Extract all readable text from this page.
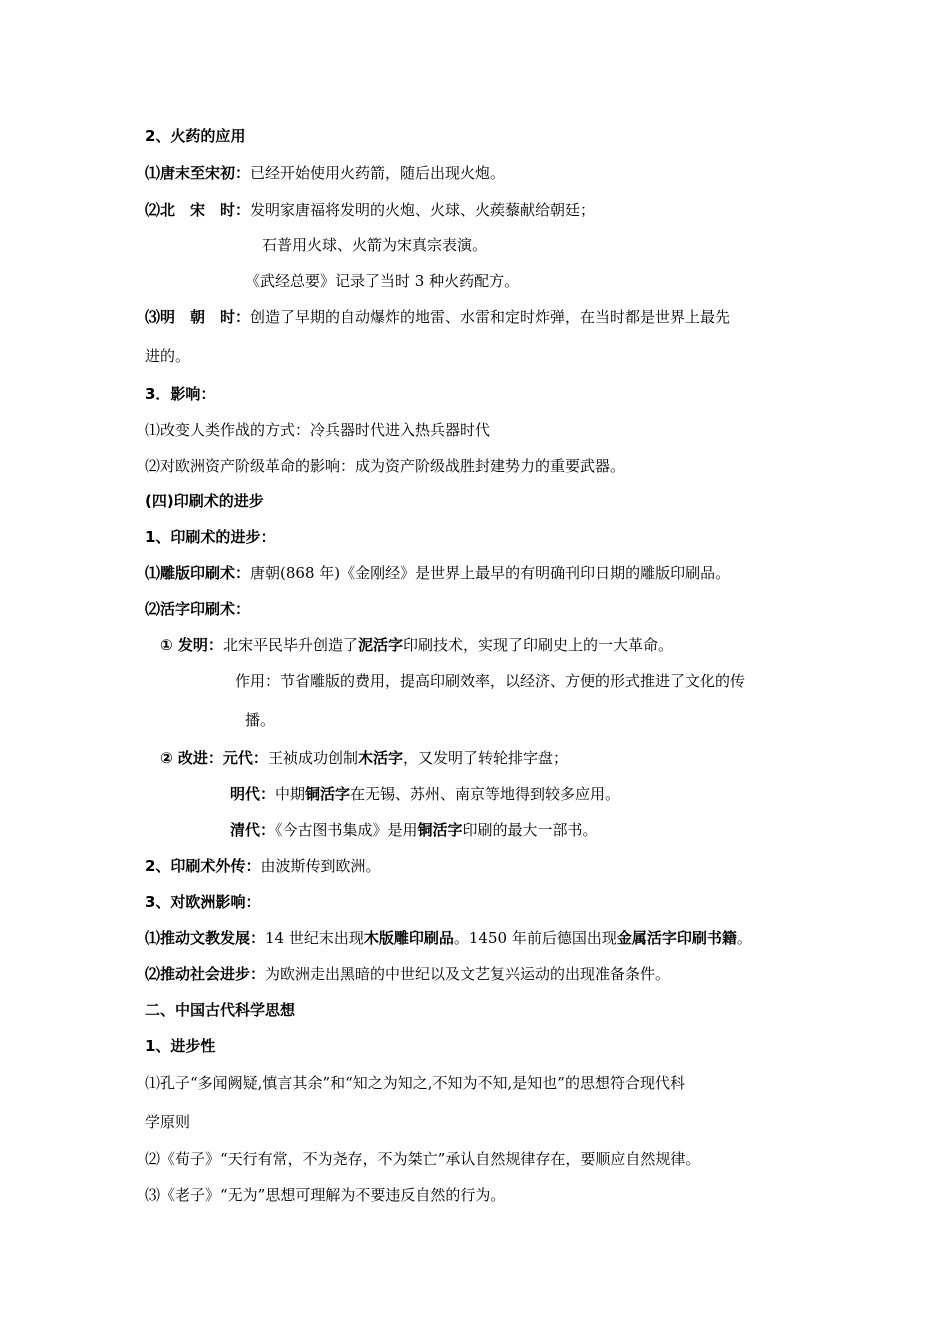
2、火药的应用
⑴唐末至宋初：已经开始使用火药箭，随后出现火炮。
⑵北　宋　时：发明家唐福将发明的火炮、火球、火蒺藜献给朝廷；
石普用火球、火箭为宋真宗表演。
《武经总要》记录了当时 3 种火药配方。
⑶明　朝　时：创造了早期的自动爆炸的地雷、水雷和定时炸弹，在当时都是世界上最先
进的。
3．影响：
⑴改变人类作战的方式：冷兵器时代进入热兵器时代
⑵对欧洲资产阶级革命的影响：成为资产阶级战胜封建势力的重要武器。
(四)印刷术的进步
1、印刷术的进步：
⑴雕版印刷术：唐朝(868 年)《金刚经》是世界上最早的有明确刊印日期的雕版印刷品。
⑵活字印刷术：
① 发明：北宋平民毕升创造了泥活字印刷技术，实现了印刷史上的一大革命。
作用：节省雕版的费用，提高印刷效率，以经济、方便的形式推进了文化的传
播。
② 改进：元代：王祯成功创制木活字，又发明了转轮排字盘；
明代：中期铜活字在无锡、苏州、南京等地得到较多应用。
清代：《今古图书集成》是用铜活字印刷的最大一部书。
2、印刷术外传：由波斯传到欧洲。
3、对欧洲影响：
⑴推动文教发展：14 世纪末出现木版雕印刷品。1450 年前后德国出现金属活字印刷书籍。
⑵推动社会进步：为欧洲走出黑暗的中世纪以及文艺复兴运动的出现准备条件。
二、中国古代科学思想
1、进步性
⑴孔子“多闻阙疑,慎言其余”和“知之为知之,不知为不知,是知也”的思想符合现代科
学原则
⑵《荀子》“天行有常，不为尧存，不为桀亡”承认自然规律存在，要顺应自然规律。
⑶《老子》“无为”思想可理解为不要违反自然的行为。
